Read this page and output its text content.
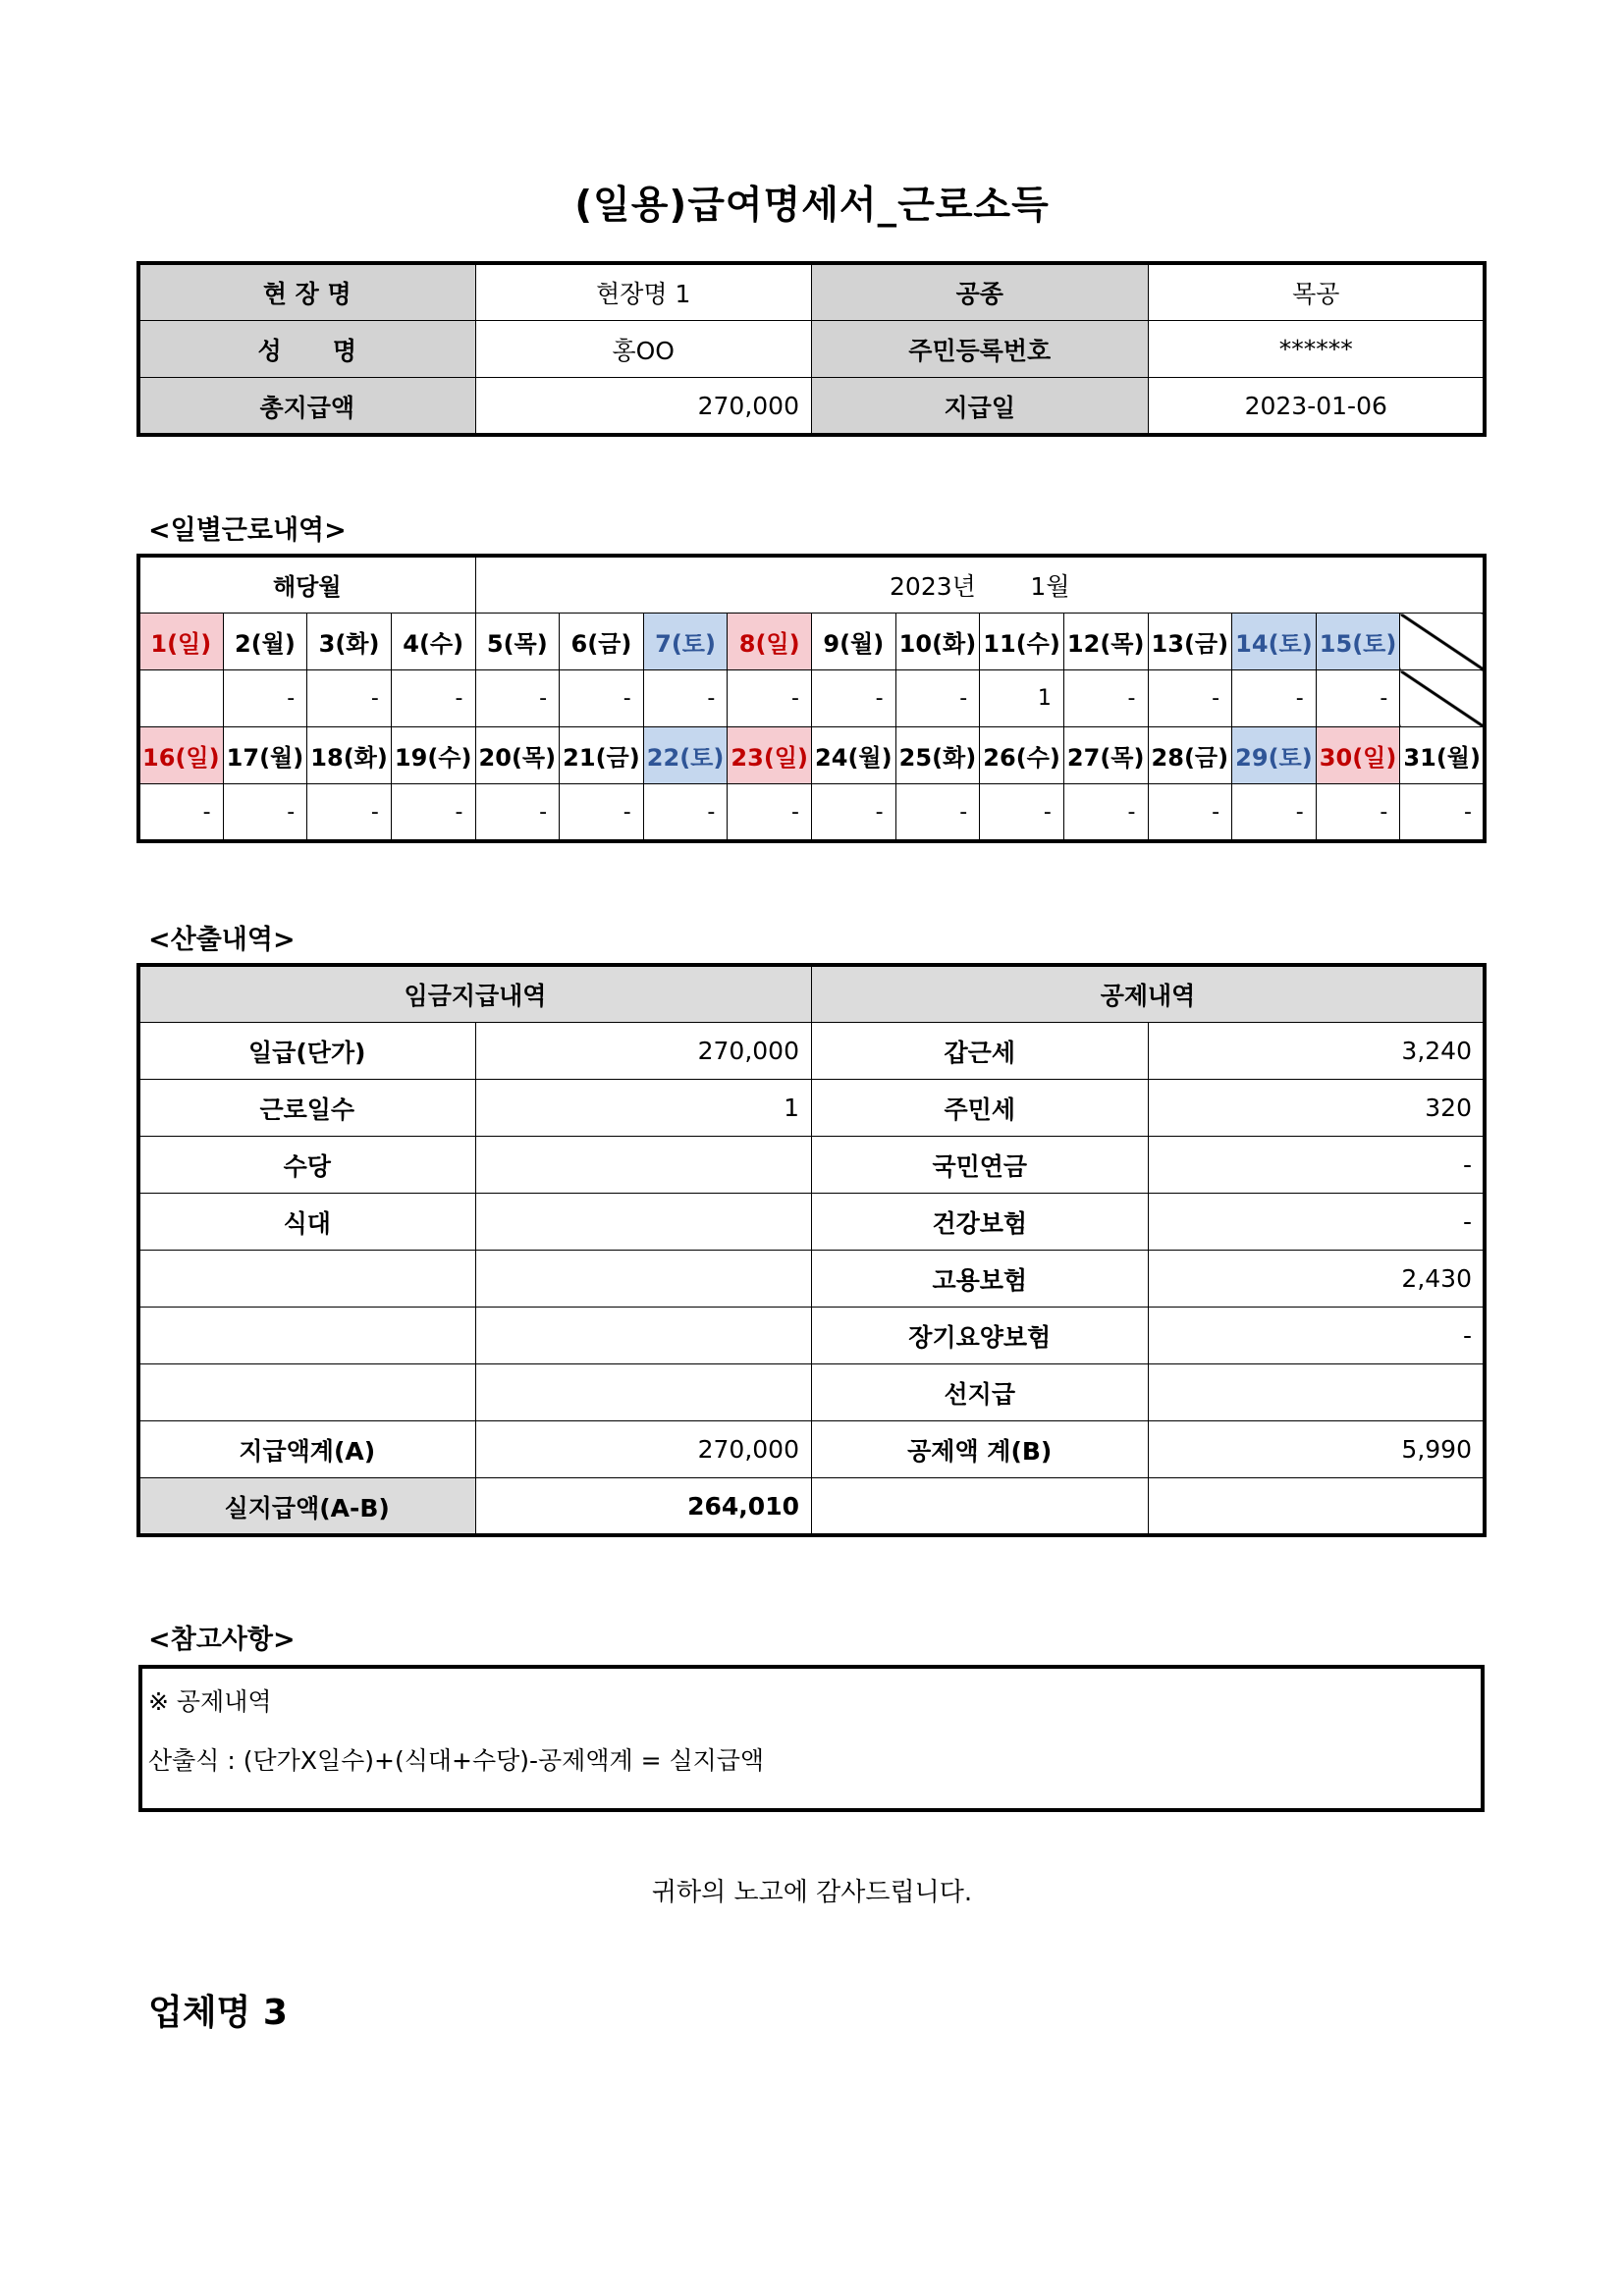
(일용)급여명세서_근로소득
현 장 명	현장명 1	공종	목공
성      명	홍OO	주민등록번호	******
총지급액	270,000	지급일	2023-01-06
<일별근로내역>
해당월				2023년       1월											
1(일)	2(월)	3(화)	4(수)	5(목)	6(금)	7(토)	8(일)	9(월)	10(화)	11(수)	12(목)	13(금)	14(토)	15(토)	
	-	-	-	-	-	-	-	-	-	1	-	-	-	-	
16(일)	17(월)	18(화)	19(수)	20(목)	21(금)	22(토)	23(일)	24(월)	25(화)	26(수)	27(목)	28(금)	29(토)	30(일)	31(월)
-	-	-	-	-	-	-	-	-	-	-	-	-	-	-	-
<산출내역>
임금지급내역		공제내역	
일급(단가)	270,000	갑근세	3,240
근로일수	1	주민세	320
수당		국민연금	-
식대		건강보험	-
		고용보험	2,430
		장기요양보험	-
		선지급	
지급액계(A)	270,000	공제액 계(B)	5,990
실지급액(A-B)	264,010		
<참고사항>
※ 공제내역
산출식 : (단가X일수)+(식대+수당)-공제액계 = 실지급액
귀하의 노고에 감사드립니다.
업체명 3
